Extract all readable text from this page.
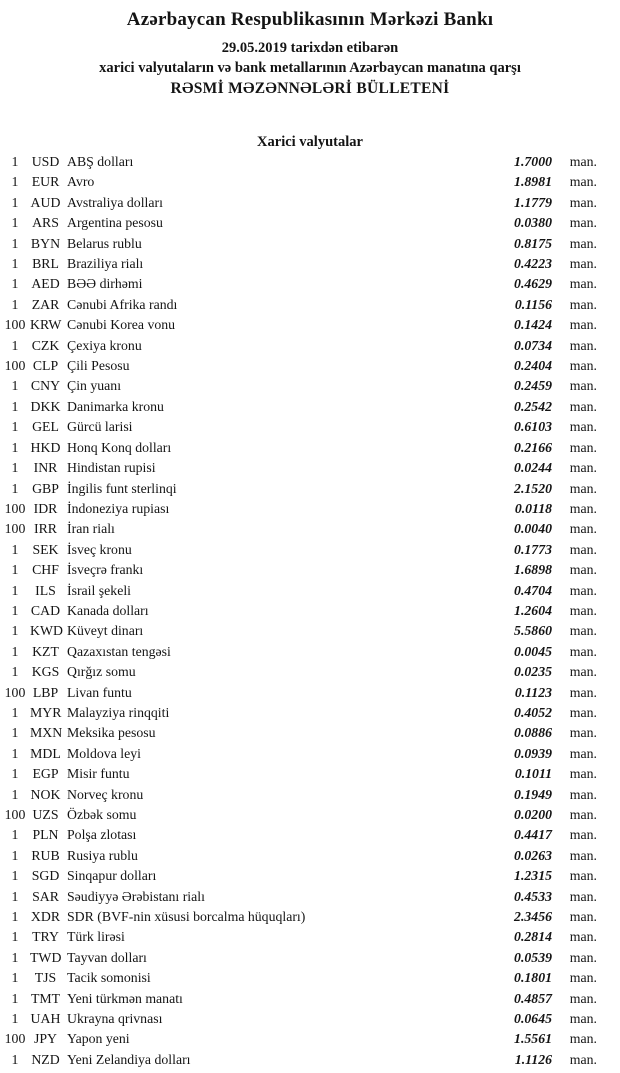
Azərbaycan Respublikasının Mərkəzi Bankı
29.05.2019 tarixdən etibarən
xarici valyutaların və bank metallarının Azərbaycan manatına qarşı
RƏSMİ MƏZƏNNƏLƏRİ BÜLLETENİ
Xarici valyutalar
1 USD ABŞ dolları	1.7000	man.
1 EUR Avro	1.8981	man.
1 AUD Avstraliya dolları	1.1779	man.
1 ARS Argentina pesosu	0.0380	man.
1 BYN Belarus rublu	0.8175	man.
1 BRL Braziliya rialı	0.4223	man.
1 AED BƏƏ dirhəmi	0.4629	man.
1 ZAR Cənubi Afrika randı	0.1156	man.
100 KRW Cənubi Korea vonu	0.1424	man.
1 CZK Çexiya kronu	0.0734	man.
100 CLP Çili Pesosu	0.2404	man.
1 CNY Çin yuanı	0.2459	man.
1 DKK Danimarka kronu	0.2542	man.
1 GEL Gürcü larisi	0.6103	man.
1 HKD Honq Konq dolları	0.2166	man.
1	INR Hindistan rupisi	0.0244	man.
1 GBP İngilis funt sterlinqi	2.1520	man.
100 IDR İndoneziya rupiası	0.0118	man.
100 IRR İran rialı	0.0040	man.
1	SEK İsveç kronu	0.1773	man.
1 CHF İsveçrə frankı	1.6898	man.
1	ILS İsrail şekeli	0.4704	man.
1 CAD Kanada dolları	1.2604	man.
1 KWD Küveyt dinarı	5.5860	man.
1 KZT Qazaxıstan tengəsi	0.0045	man.
1 KGS Qırğız somu	0.0235	man.
100 LBP Livan funtu	0.1123	man.
1 MYR Malayziya rinqqiti	0.4052	man.
1 MXN Meksika pesosu	0.0886	man.
1 MDL Moldova leyi	0.0939	man.
1	EGP Misir funtu	0.1011	man.
1 NOK Norveç kronu	0.1949	man.
100 UZS Özbək somu	0.0200	man.
1	PLN Polşa zlotası	0.4417	man.
1 RUB Rusiya rublu	0.0263	man.
1 SGD Sinqapur dolları	1.2315	man.
1 SAR Səudiyyə Ərəbistanı rialı	0.4533	man.
1 XDR SDR (BVF-nin xüsusi borcalma hüquqları)	2.3456	man.
1 TRY Türk lirəsi	0.2814	man.
1 TWD Tayvan dolları	0.0539	man.
1	TJS Tacik somonisi	0.1801	man.
1 TMT Yeni türkmən manatı	0.4857	man.
1 UAH Ukrayna qrivnası	0.0645	man.
100 JPY Yapon yeni	1.5561	man.
1 NZD Yeni Zelandiya dolları	1.1126	man.
